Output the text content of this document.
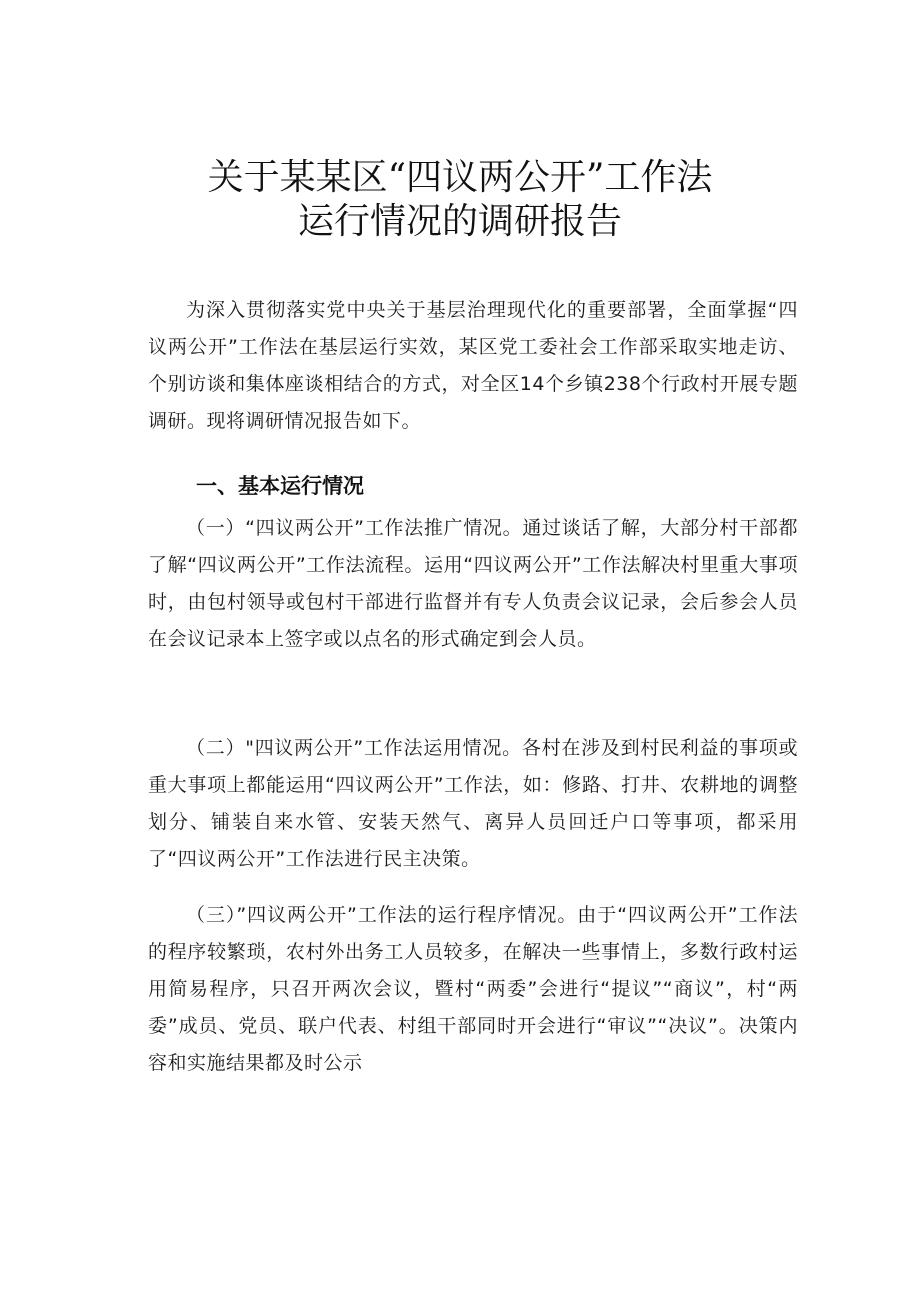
关于某某区“四议两公开”工作法
运行情况的调研报告

为深入贯彻落实党中央关于基层治理现代化的重要部署，全面掌握“四议两公开”工作法在基层运行实效，某区党工委社会工作部采取实地走访、个别访谈和集体座谈相结合的方式，对全区14个乡镇238个行政村开展专题调研。现将调研情况报告如下。

一、基本运行情况

（一）“四议两公开”工作法推广情况。通过谈话了解，大部分村干部都了解“四议两公开”工作法流程。运用“四议两公开”工作法解决村里重大事项时，由包村领导或包村干部进行监督并有专人负责会议记录，会后参会人员在会议记录本上签字或以点名的形式确定到会人员。

（二）"四议两公开”工作法运用情况。各村在涉及到村民利益的事项或重大事项上都能运用“四议两公开”工作法，如：修路、打井、农耕地的调整划分、铺装自来水管、安装天然气、离异人员回迁户口等事项，都采用了“四议两公开”工作法进行民主决策。

（三）”四议两公开”工作法的运行程序情况。由于“四议两公开”工作法的程序较繁琐，农村外出务工人员较多，在解决一些事情上，多数行政村运用简易程序，只召开两次会议，暨村“两委”会进行“提议”“商议”，村“两委”成员、党员、联户代表、村组干部同时开会进行“审议”“决议”。决策内容和实施结果都及时公示
